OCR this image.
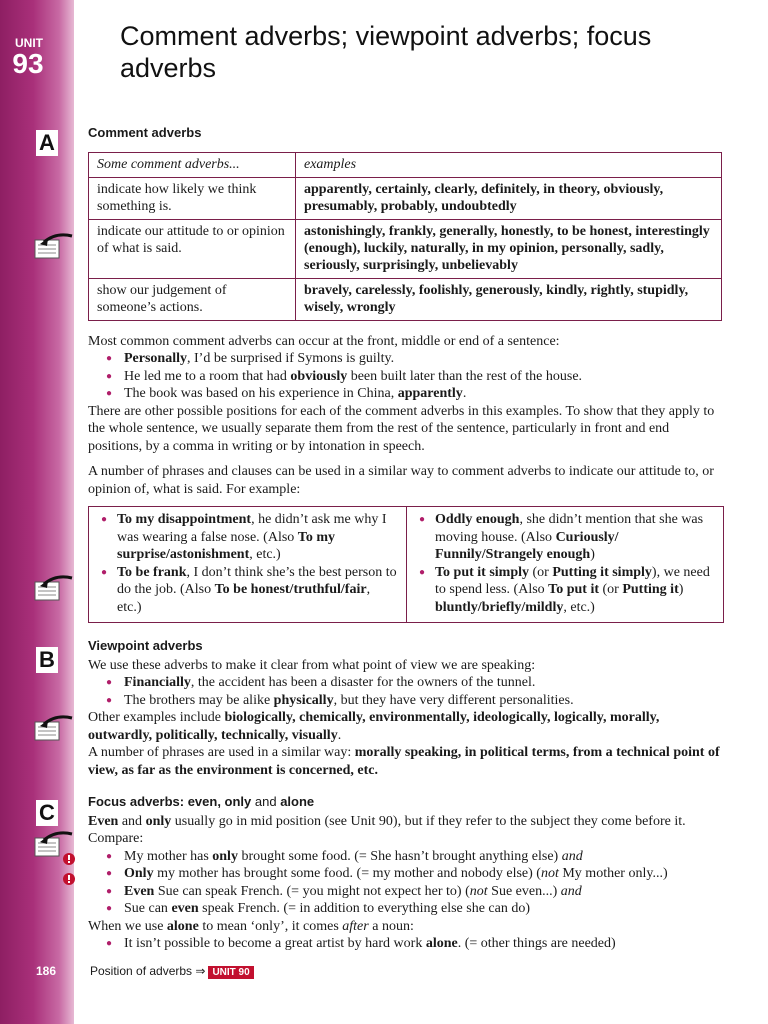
UNIT
93
A
B
C
186
Comment adverbs; viewpoint adverbs; focus adverbs
Comment adverbs
Some comment adverbs...	examples
indicate how likely we think something is.	apparently, certainly, clearly, definitely, in theory, obviously, presumably, probably, undoubtedly
indicate our attitude to or opinion of what is said.	astonishingly, frankly, generally, honestly, to be honest, interestingly (enough), luckily, naturally, in my opinion, personally, sadly, seriously, surprisingly, unbelievably
show our judgement of someone’s actions.	bravely, carelessly, foolishly, generously, kindly, rightly, stupidly, wisely, wrongly

Most common comment adverbs can occur at the front, middle or end of a sentence:

● Personally, I’d be surprised if Symons is guilty.
● He led me to a room that had obviously been built later than the rest of the house.
● The book was based on his experience in China, apparently.

There are other possible positions for each of the comment adverbs in this examples. To show that they apply to the whole sentence, we usually separate them from the rest of the sentence, particularly in front and end positions, by a comma in writing or by intonation in speech.

A number of phrases and clauses can be used in a similar way to comment adverbs to indicate our attitude to, or opinion of, what is said. For example:

● To my disappointment, he didn’t ask me why I was wearing a false nose. (Also To my surprise/astonishment, etc.)
● To be frank, I don’t think she’s the best person to do the job. (Also To be honest/truthful/fair, etc.)
● Oddly enough, she didn’t mention that she was moving house. (Also Curiously/ Funnily/Strangely enough)
● To put it simply (or Putting it simply), we need to spend less. (Also To put it (or Putting it) bluntly/briefly/mildly, etc.)
Viewpoint adverbs

We use these adverbs to make it clear from what point of view we are speaking:

● Financially, the accident has been a disaster for the owners of the tunnel.
● The brothers may be alike physically, but they have very different personalities.

Other examples include biologically, chemically, environmentally, ideologically, logically, morally, outwardly, politically, technically, visually.

A number of phrases are used in a similar way: morally speaking, in political terms, from a technical point of view, as far as the environment is concerned, etc.

Focus adverbs: even, only and alone

Even and only usually go in mid position (see Unit 90), but if they refer to the subject they come before it. Compare:

● My mother has only brought some food. (= She hasn’t brought anything else) and
● Only my mother has brought some food. (= my mother and nobody else) (not My mother only...)
● Even Sue can speak French. (= you might not expect her to) (not Sue even...) and
● Sue can even speak French. (= in addition to everything else she can do)

When we use alone to mean ‘only’, it comes after a noun:

● It isn’t possible to become a great artist by hard work alone. (= other things are needed)
Position of adverbs ⇒ UNIT 90
